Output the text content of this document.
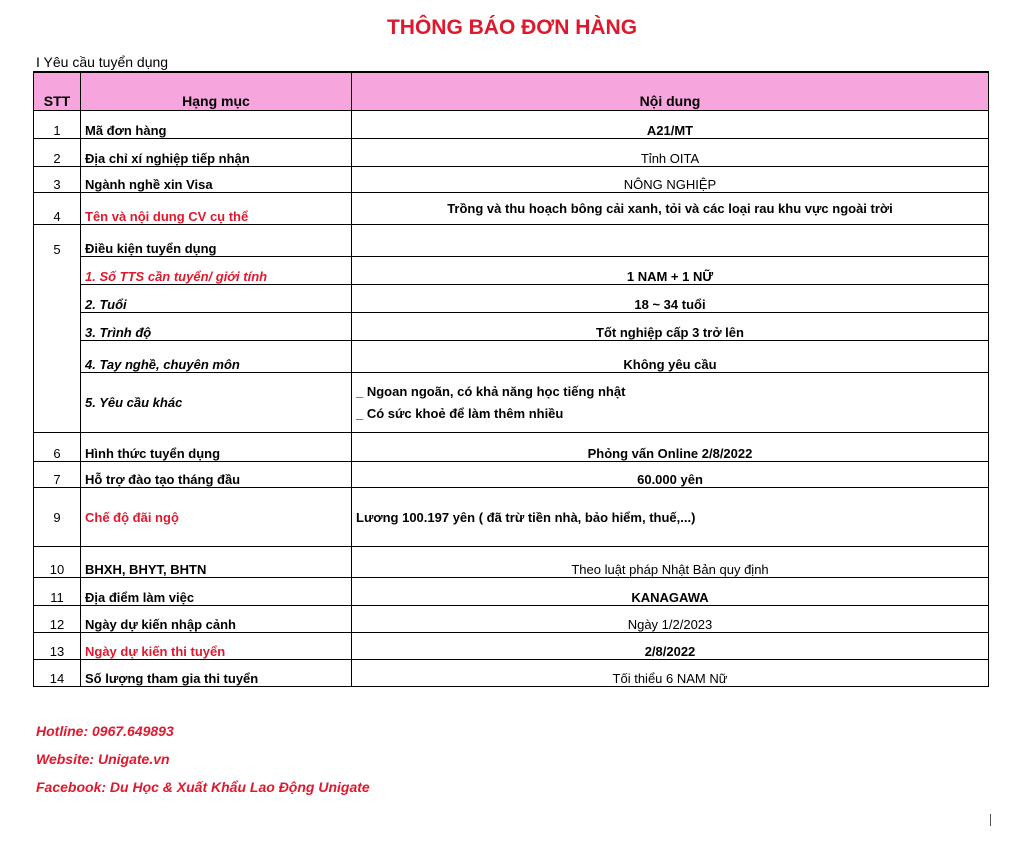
THÔNG BÁO ĐƠN HÀNG
I Yêu cầu tuyển dụng
STT	Hạng mục	Nội dung
1	Mã đơn hàng	A21/MT
2	Địa chỉ xí nghiệp tiếp nhận	Tỉnh OITA
3	Ngành nghề xin Visa	NÔNG NGHIỆP
4	Tên và nội dung CV cụ thể	Trồng và thu hoạch bông cải xanh, tỏi và các loại rau khu vực ngoài trời
5	Điều kiện tuyển dụng	
	1. Số TTS cần tuyển/ giới tính	1 NAM + 1 NỮ
	2. Tuổi	18 ~ 34 tuổi
	3. Trình độ	Tốt nghiệp cấp 3 trở lên
	4. Tay nghề, chuyên môn	Không yêu cầu
	5. Yêu cầu khác	_ Ngoan ngoãn, có khả năng học tiếng nhật
_ Có sức khoẻ để làm thêm nhiều

6	Hình thức tuyển dụng	Phỏng vấn Online 2/8/2022
7	Hỗ trợ đào tạo tháng đầu	60.000 yên
9	Chế độ đãi ngộ	Lương 100.197 yên ( đã trừ tiền nhà, bảo hiểm, thuế,...)
10	BHXH, BHYT, BHTN	Theo luật pháp Nhật Bản quy định
11	Địa điểm làm việc	KANAGAWA
12	Ngày dự kiến nhập cảnh	Ngày 1/2/2023
13	Ngày dự kiến thi tuyển	2/8/2022
14	Số lượng tham gia thi tuyển	Tối thiểu 6 NAM Nữ
Hotline: 0967.649893
Website: Unigate.vn
Facebook: Du Học & Xuất Khẩu Lao Động Unigate
